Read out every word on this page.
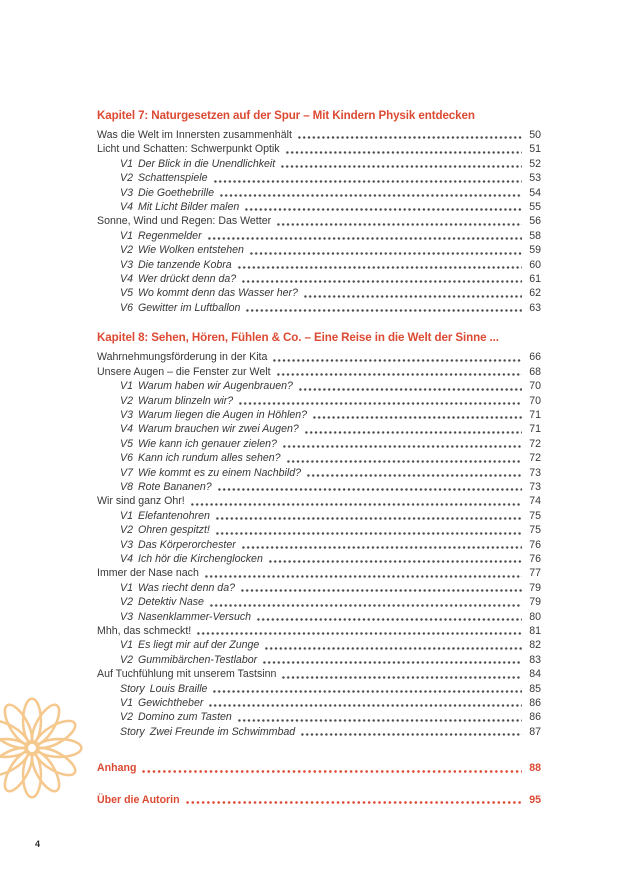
Kapitel 7: Naturgesetzen auf der Spur – Mit Kindern Physik entdecken
Was die Welt im Innersten zusammenhält	50
Licht und Schatten: Schwerpunkt Optik	51
V1 Der Blick in die Unendlichkeit	52
V2 Schattenspiele	53
V3 Die Goethebrille	54
V4 Mit Licht Bilder malen	55
Sonne, Wind und Regen: Das Wetter	56
V1 Regenmelder	58
V2 Wie Wolken entstehen	59
V3 Die tanzende Kobra	60
V4 Wer drückt denn da?	61
V5 Wo kommt denn das Wasser her?	62
V6 Gewitter im Luftballon	63
Kapitel 8: Sehen, Hören, Fühlen & Co. – Eine Reise in die Welt der Sinne ...
Wahrnehmungsförderung in der Kita	66
Unsere Augen – die Fenster zur Welt	68
V1 Warum haben wir Augenbrauen?	70
V2 Warum blinzeln wir?	70
V3 Warum liegen die Augen in Höhlen?	71
V4 Warum brauchen wir zwei Augen?	71
V5 Wie kann ich genauer zielen?	72
V6 Kann ich rundum alles sehen?	72
V7 Wie kommt es zu einem Nachbild?	73
V8 Rote Bananen?	73
Wir sind ganz Ohr!	74
V1 Elefantenohren	75
V2 Ohren gespitzt!	75
V3 Das Körperorchester	76
V4 Ich hör die Kirchenglocken	76
Immer der Nase nach	77
V1 Was riecht denn da?	79
V2 Detektiv Nase	79
V3 Nasenklammer-Versuch	80
Mhh, das schmeckt!	81
V1 Es liegt mir auf der Zunge	82
V2 Gummibärchen-Testlabor	83
Auf Tuchfühlung mit unserem Tastsinn	84
Story Louis Braille	85
V1 Gewichtheber	86
V2 Domino zum Tasten	86
Story Zwei Freunde im Schwimmbad	87
Anhang	88
Über die Autorin	95
4
